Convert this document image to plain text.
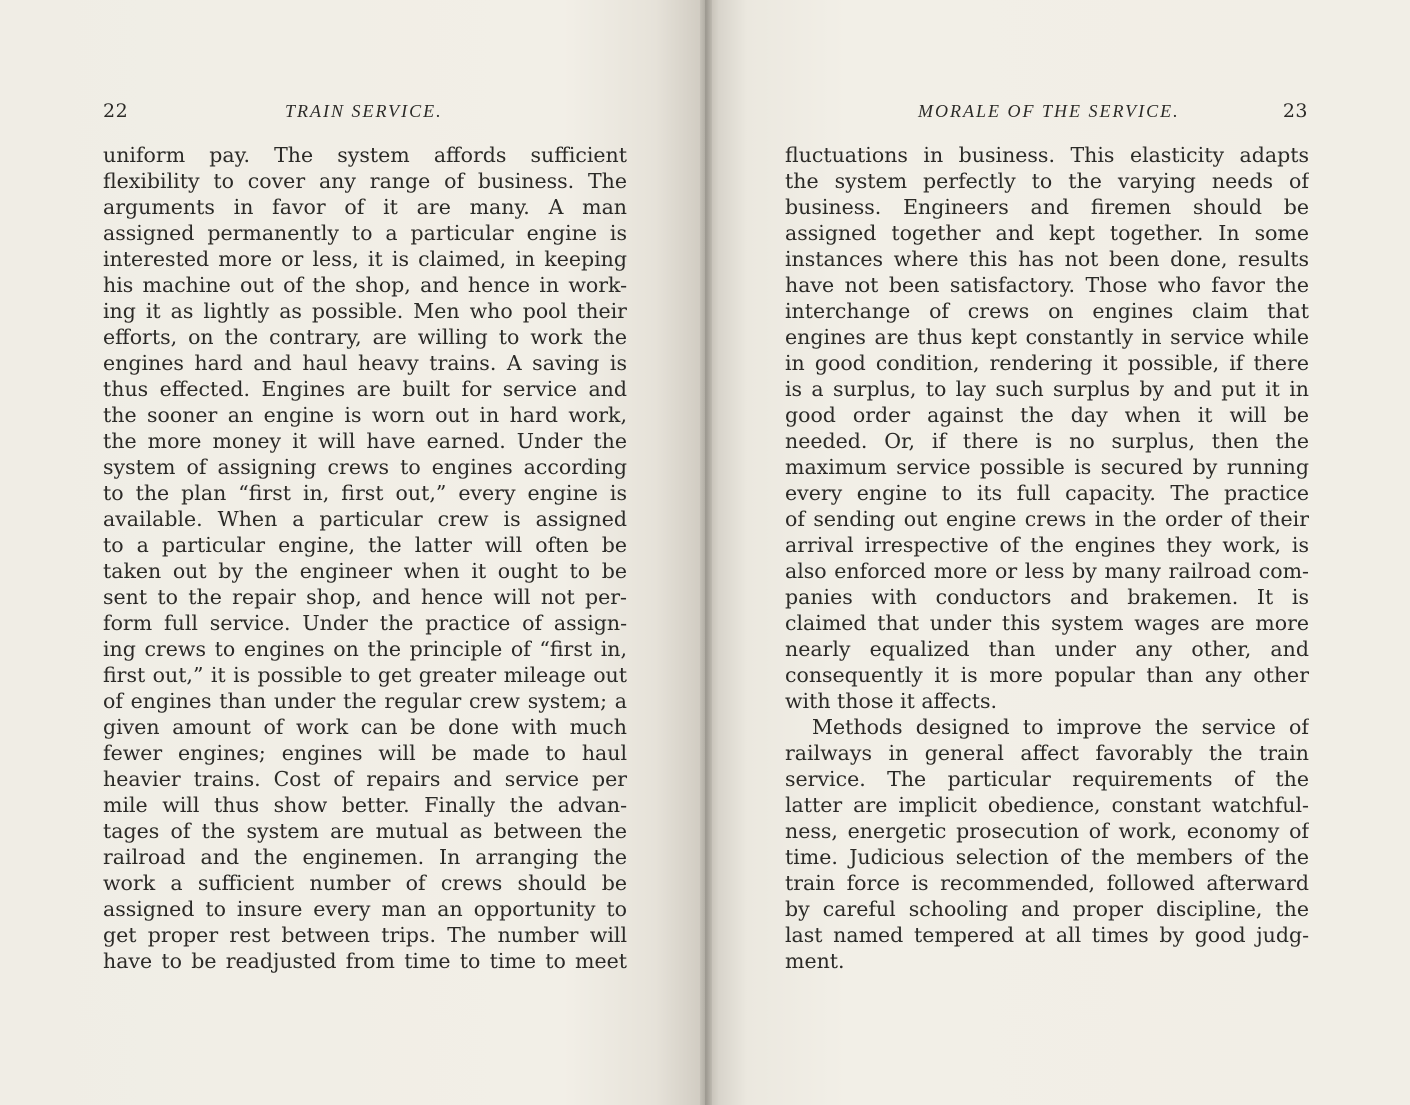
22	TRAIN SERVICE.
uniform pay. The system affords sufficient
flexibility to cover any range of business. The
arguments in favor of it are many. A man
assigned permanently to a particular engine is
interested more or less, it is claimed, in keeping
his machine out of the shop, and hence in work-
ing it as lightly as possible. Men who pool their
efforts, on the contrary, are willing to work the
engines hard and haul heavy trains. A saving is
thus effected. Engines are built for service and
the sooner an engine is worn out in hard work,
the more money it will have earned. Under the
system of assigning crews to engines according
to the plan “first in, first out,” every engine is
available. When a particular crew is assigned
to a particular engine, the latter will often be
taken out by the engineer when it ought to be
sent to the repair shop, and hence will not per-
form full service. Under the practice of assign-
ing crews to engines on the principle of “first in,
first out,” it is possible to get greater mileage out
of engines than under the regular crew system; a
given amount of work can be done with much
fewer engines; engines will be made to haul
heavier trains. Cost of repairs and service per
mile will thus show better. Finally the advan-
tages of the system are mutual as between the
railroad and the enginemen. In arranging the
work a sufficient number of crews should be
assigned to insure every man an opportunity to
get proper rest between trips. The number will
have to be readjusted from time to time to meet
MORALE OF THE SERVICE.	23
fluctuations in business. This elasticity adapts
the system perfectly to the varying needs of
business. Engineers and firemen should be
assigned together and kept together. In some
instances where this has not been done, results
have not been satisfactory. Those who favor the
interchange of crews on engines claim that
engines are thus kept constantly in service while
in good condition, rendering it possible, if there
is a surplus, to lay such surplus by and put it in
good order against the day when it will be
needed. Or, if there is no surplus, then the
maximum service possible is secured by running
every engine to its full capacity. The practice
of sending out engine crews in the order of their
arrival irrespective of the engines they work, is
also enforced more or less by many railroad com-
panies with conductors and brakemen. It is
claimed that under this system wages are more
nearly equalized than under any other, and
consequently it is more popular than any other
with those it affects.
Methods designed to improve the service of
railways in general affect favorably the train
service. The particular requirements of the
latter are implicit obedience, constant watchful-
ness, energetic prosecution of work, economy of
time. Judicious selection of the members of the
train force is recommended, followed afterward
by careful schooling and proper discipline, the
last named tempered at all times by good judg-
ment.
